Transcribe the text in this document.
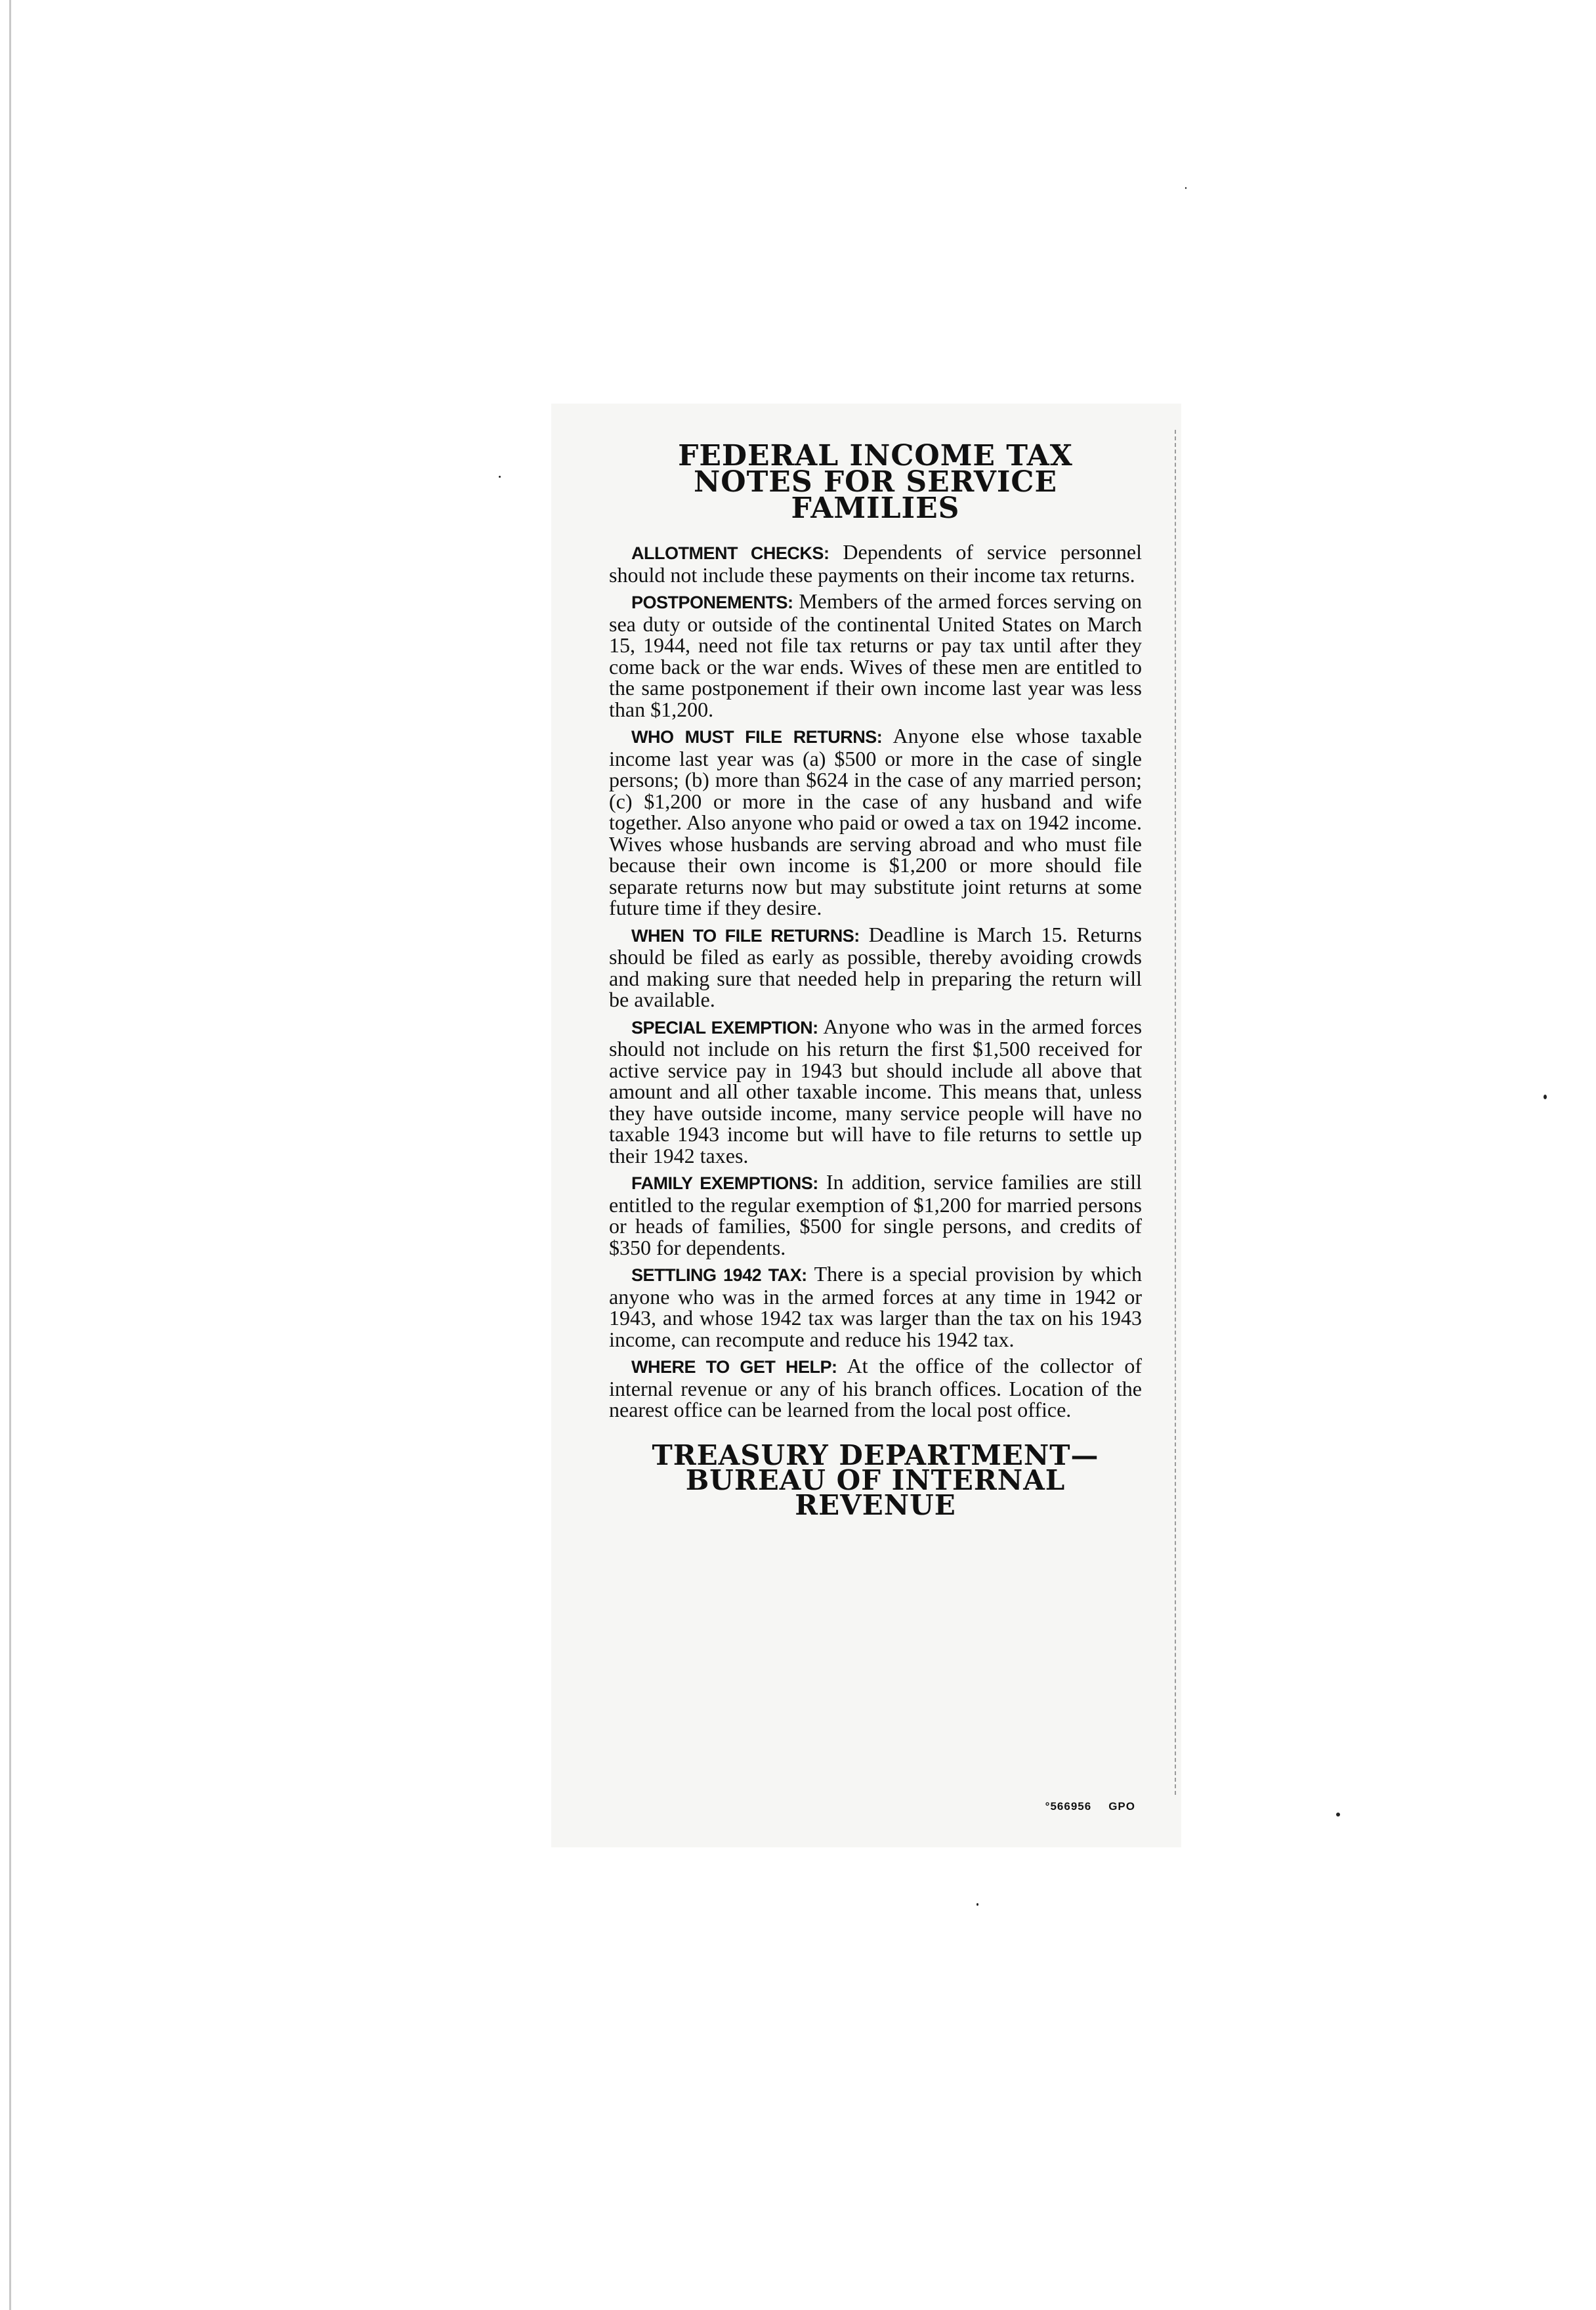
FEDERAL INCOME TAX
NOTES FOR SERVICE
FAMILIES

ALLOTMENT CHECKS: Dependents of service personnel should not include these payments on their income tax returns.

POSTPONEMENTS: Members of the armed forces serving on sea duty or outside of the continental United States on March 15, 1944, need not file tax returns or pay tax until after they come back or the war ends. Wives of these men are entitled to the same postponement if their own income last year was less than $1,200.

WHO MUST FILE RETURNS: Anyone else whose taxable income last year was (a) $500 or more in the case of single persons; (b) more than $624 in the case of any married person; (c) $1,200 or more in the case of any husband and wife together. Also anyone who paid or owed a tax on 1942 income. Wives whose husbands are serving abroad and who must file because their own income is $1,200 or more should file separate returns now but may substitute joint returns at some future time if they desire.

WHEN TO FILE RETURNS: Deadline is March 15. Returns should be filed as early as possible, thereby avoiding crowds and making sure that needed help in preparing the return will be available.

SPECIAL EXEMPTION: Anyone who was in the armed forces should not include on his return the first $1,500 received for active service pay in 1943 but should include all above that amount and all other taxable income. This means that, unless they have outside income, many service people will have no taxable 1943 income but will have to file returns to settle up their 1942 taxes.

FAMILY EXEMPTIONS: In addition, service families are still entitled to the regular exemption of $1,200 for married persons or heads of families, $500 for single persons, and credits of $350 for dependents.

SETTLING 1942 TAX: There is a special provision by which anyone who was in the armed forces at any time in 1942 or 1943, and whose 1942 tax was larger than the tax on his 1943 income, can recompute and reduce his 1942 tax.

WHERE TO GET HELP: At the office of the collector of internal revenue or any of his branch offices. Location of the nearest office can be learned from the local post office.

TREASURY DEPARTMENT—
BUREAU OF INTERNAL
REVENUE
°566956 GPO
